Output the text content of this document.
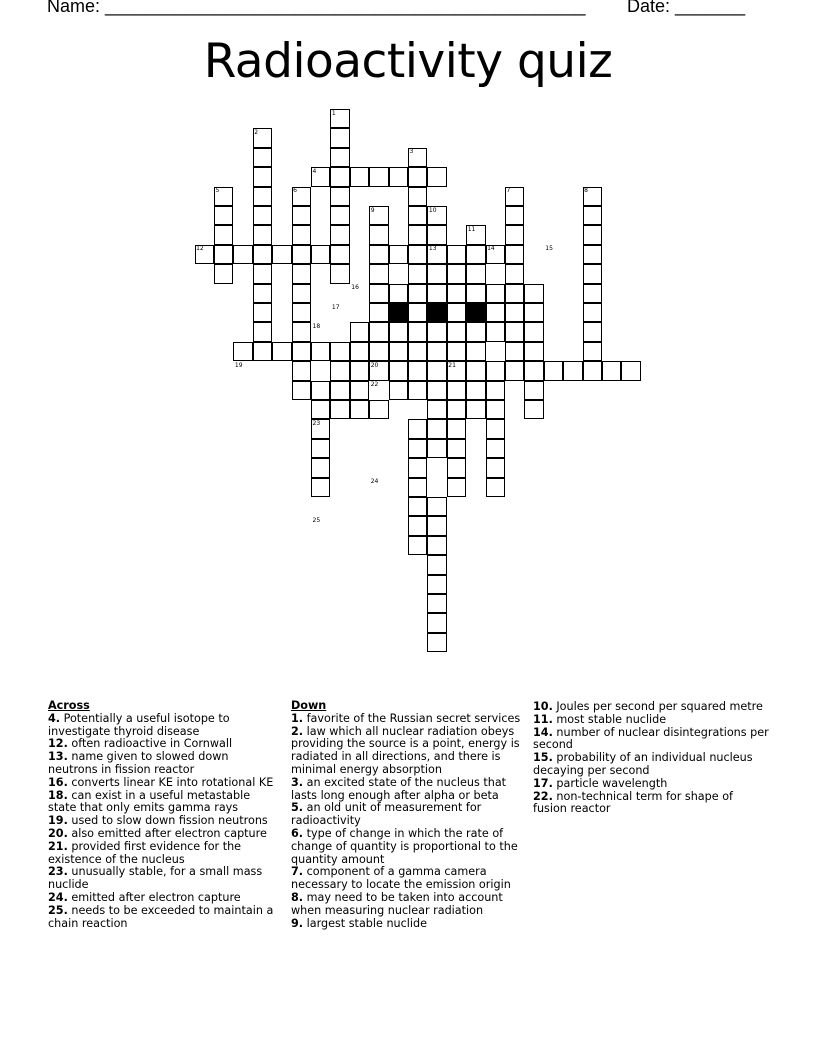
Name: ________________________________________________ Date: _______
Radioactivity quiz
1
2
3
4
5	6	7	8
9	10
11
12	13	14	15
16
17
18
19	20	21
22
23
24
25
Across
4. Potentially a useful isotope to investigate thyroid disease
12. often radioactive in Cornwall
13. name given to slowed down neutrons in fission reactor
16. converts linear KE into rotational KE
18. can exist in a useful metastable state that only emits gamma rays
19. used to slow down fission neutrons
20. also emitted after electron capture
21. provided first evidence for the existence of the nucleus
23. unusually stable, for a small mass nuclide
24. emitted after electron capture
25. needs to be exceeded to maintain a chain reaction
Down
1. favorite of the Russian secret services
2. law which all nuclear radiation obeys providing the source is a point, energy is radiated in all directions, and there is minimal energy absorption
3. an excited state of the nucleus that lasts long enough after alpha or beta
5. an old unit of measurement for radioactivity
6. type of change in which the rate of change of quantity is proportional to the quantity amount
7. component of a gamma camera necessary to locate the emission origin
8. may need to be taken into account when measuring nuclear radiation
9. largest stable nuclide
10. Joules per second per squared metre
11. most stable nuclide
14. number of nuclear disintegrations per second
15. probability of an individual nucleus decaying per second
17. particle wavelength
22. non-technical term for shape of fusion reactor
